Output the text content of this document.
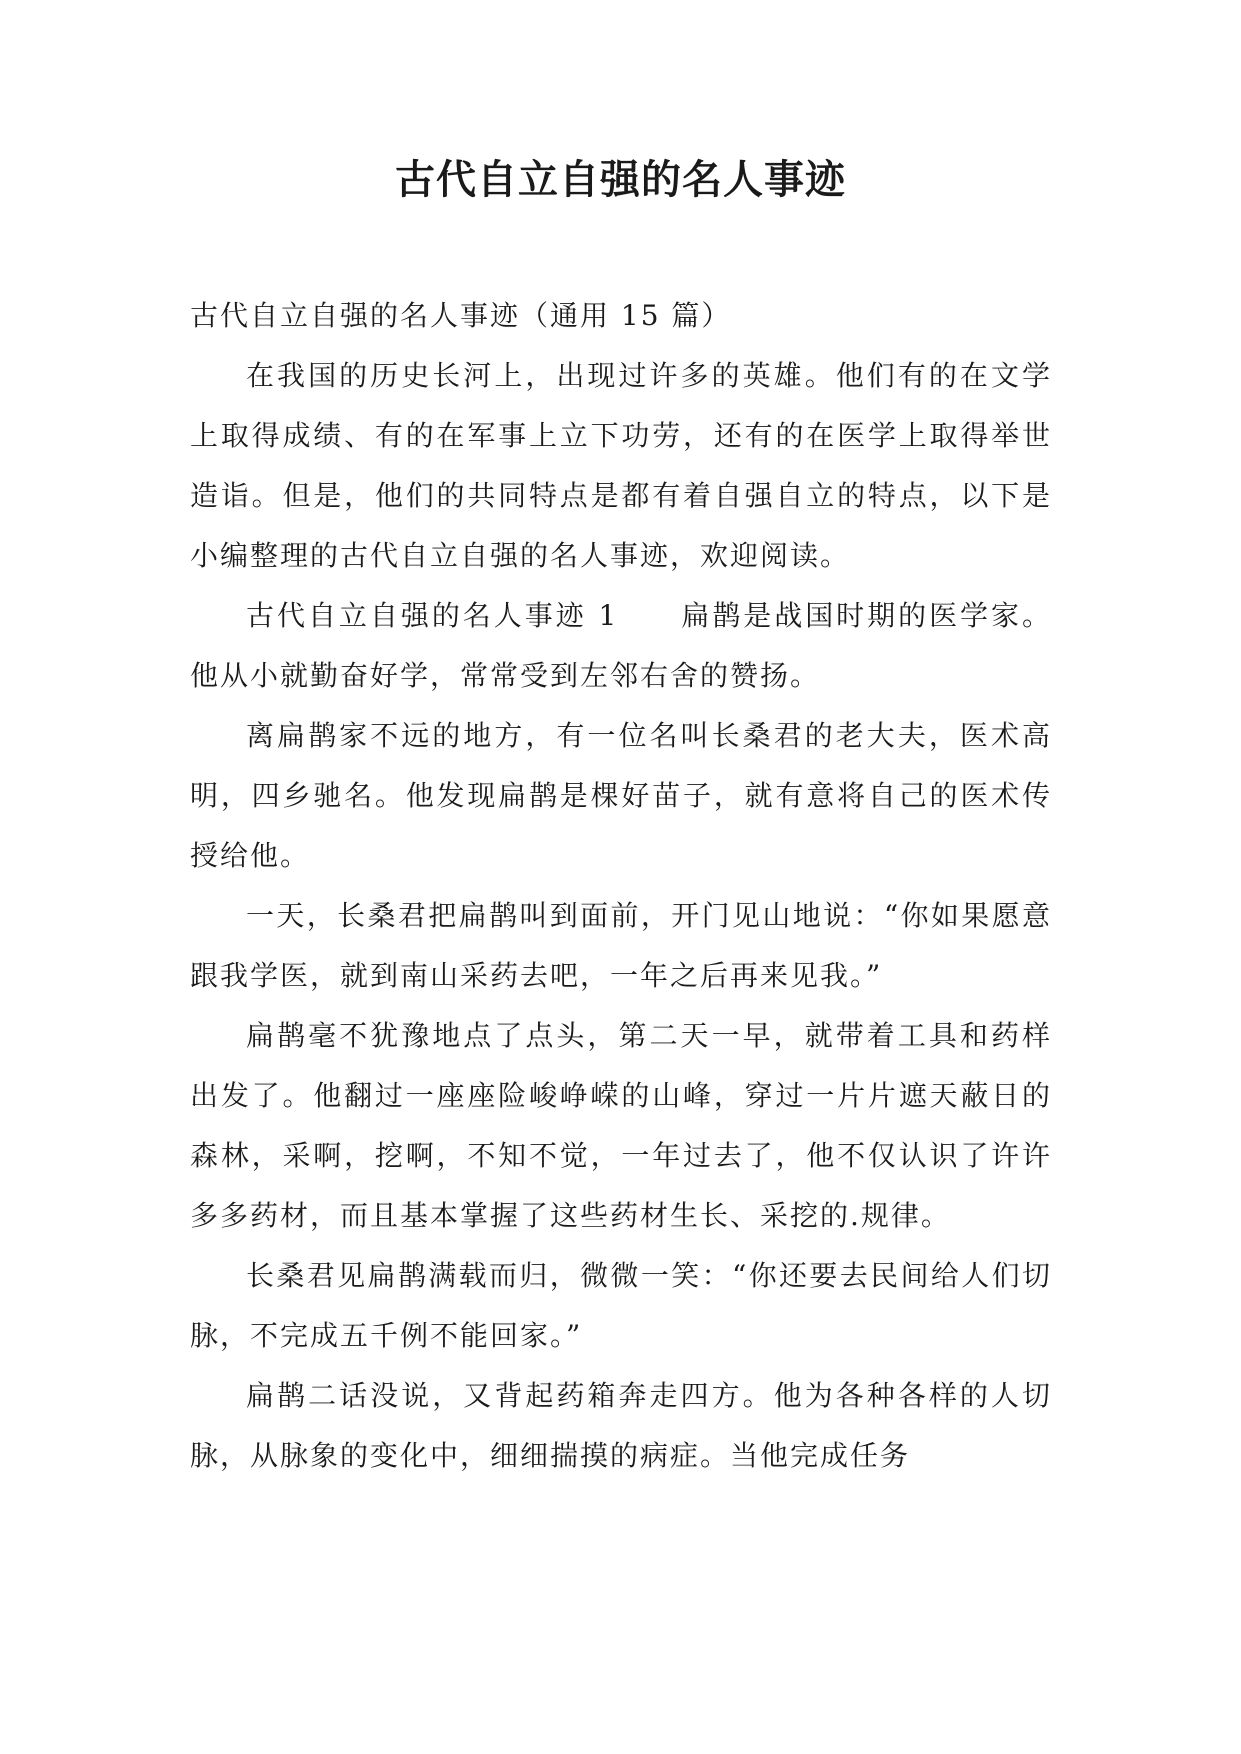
古代自立自强的名人事迹

古代自立自强的名人事迹（通用 15 篇）

在我国的历史长河上，出现过许多的英雄。他们有的在文学上取得成绩、有的在军事上立下功劳，还有的在医学上取得举世造诣。但是，他们的共同特点是都有着自强自立的特点，以下是小编整理的古代自立自强的名人事迹，欢迎阅读。

古代自立自强的名人事迹 1 扁鹊是战国时期的医学家。他从小就勤奋好学，常常受到左邻右舍的赞扬。

离扁鹊家不远的地方，有一位名叫长桑君的老大夫，医术高明，四乡驰名。他发现扁鹊是棵好苗子，就有意将自己的医术传授给他。

一天，长桑君把扁鹊叫到面前，开门见山地说：“你如果愿意跟我学医，就到南山采药去吧，一年之后再来见我。”

扁鹊毫不犹豫地点了点头，第二天一早，就带着工具和药样出发了。他翻过一座座险峻峥嵘的山峰，穿过一片片遮天蔽日的森林，采啊，挖啊，不知不觉，一年过去了，他不仅认识了许许多多药材，而且基本掌握了这些药材生长、采挖的.规律。

长桑君见扁鹊满载而归，微微一笑：“你还要去民间给人们切脉，不完成五千例不能回家。”

扁鹊二话没说，又背起药箱奔走四方。他为各种各样的人切脉，从脉象的变化中，细细揣摸的病症。当他完成任务
